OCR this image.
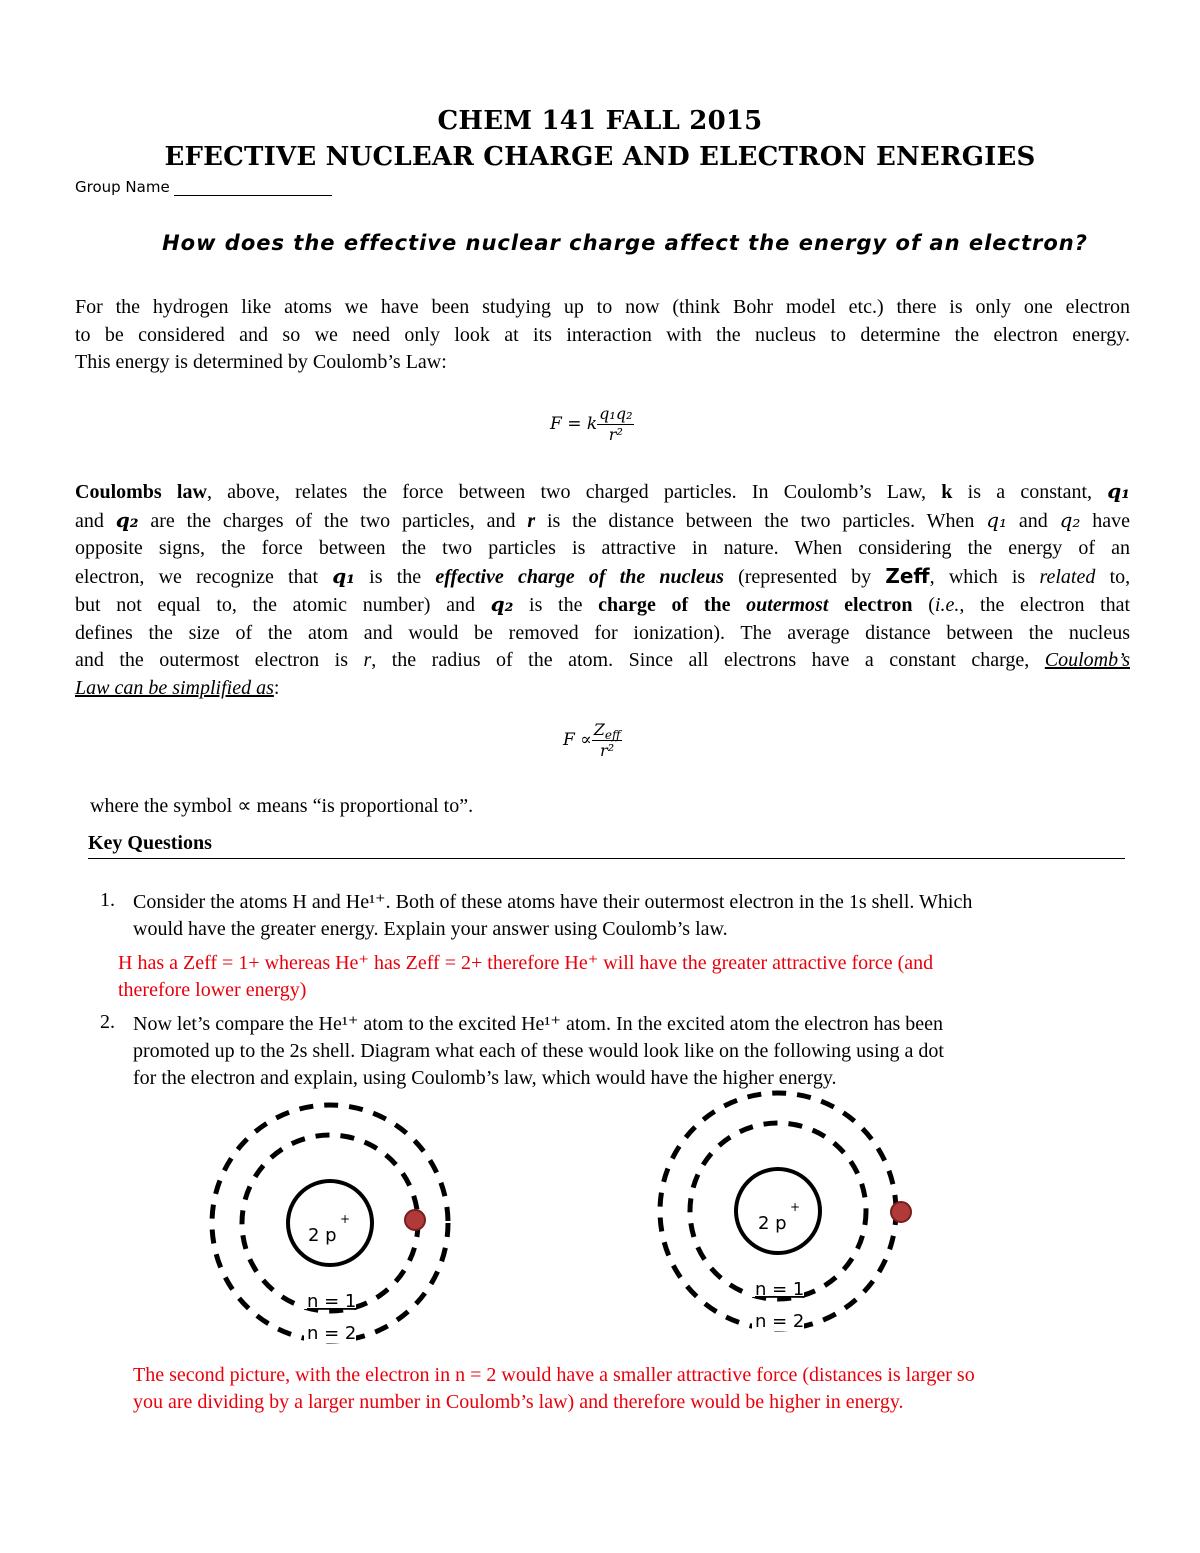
CHEM 141 FALL 2015
EFECTIVE NUCLEAR CHARGE AND ELECTRON ENERGIES
Group Name
How does the effective nuclear charge affect the energy of an electron?
For the hydrogen like atoms we have been studying up to now (think Bohr model etc.) there is only one electron
to be considered and so we need only look at its interaction with the nucleus to determine the electron energy.
This energy is determined by Coulomb’s Law:
F = k $\frac{\text{q₁q₂}}{\text{r²}}$
Coulombs law, above, relates the force between two charged particles. In Coulomb’s Law, k is a constant, q₁
and q₂ are the charges of the two particles, and r is the distance between the two particles. When q₁ and q₂ have
opposite signs, the force between the two particles is attractive in nature. When considering the energy of an
electron, we recognize that q₁ is the effective charge of the nucleus (represented by Zeff, which is related to,
but not equal to, the atomic number) and q₂ is the charge of the outermost electron (i.e., the electron that
defines the size of the atom and would be removed for ionization). The average distance between the nucleus
and the outermost electron is r, the radius of the atom. Since all electrons have a constant charge, Coulomb’s
Law can be simplified as:
$F \propto \frac{Z_{eff}}{\text{r²}}$
where the symbol ∝ means “is proportional to”.
Key Questions
1. Consider the atoms H and He¹⁺. Both of these atoms have their outermost electron in the 1s shell. Which
would have the greater energy. Explain your answer using Coulomb’s law.
H has a Zeff = 1+ whereas He⁺ has Zeff = 2+ therefore He⁺ will have the greater attractive force (and
therefore lower energy)
2. Now let’s compare the He¹⁺ atom to the excited He¹⁺ atom. In the excited atom the electron has been
promoted up to the 2s shell. Diagram what each of these would look like on the following using a dot
for the electron and explain, using Coulomb’s law, which would have the higher energy.
2 p
+
n = 1
n = 2
2 p
+
n = 1
n = 2
The second picture, with the electron in n = 2 would have a smaller attractive force (distances is larger so
you are dividing by a larger number in Coulomb’s law) and therefore would be higher in energy.
